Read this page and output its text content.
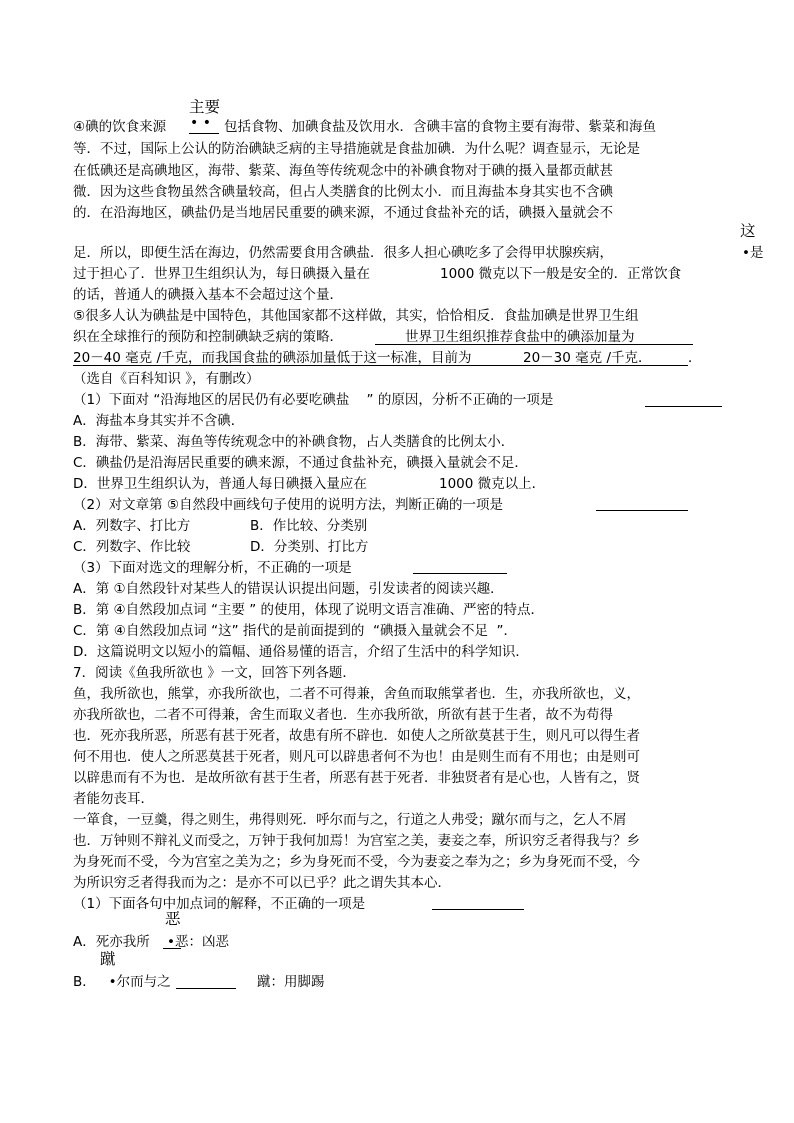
主要
④碘的饮食来源 • • 包括食物、加碘食盐及饮用水．含碘丰富的食物主要有海带、紫菜和海鱼
等．不过，国际上公认的防治碘缺乏病的主导措施就是食盐加碘．为什么呢？调查显示，无论是
在低碘还是高碘地区，海带、紫菜、海鱼等传统观念中的补碘食物对于碘的摄入量都贡献甚
微．因为这些食物虽然含碘量较高，但占人类膳食的比例太小．而且海盐本身其实也不含碘
的．在沿海地区，碘盐仍是当地居民重要的碘来源，不通过食盐补充的话，碘摄入量就会不
这
足．所以，即便生活在海边，仍然需要食用含碘盐．很多人担心碘吃多了会得甲状腺疾病，	•是
过于担心了．世界卫生组织认为，每日碘摄入量在	1000 微克以下一般是安全的．正常饮食
的话，普通人的碘摄入基本不会超过这个量．
⑤很多人认为碘盐是中国特色，其他国家都不这样做，其实，恰恰相反．食盐加碘是世界卫生组
织在全球推行的预防和控制碘缺乏病的策略．	世界卫生组织推荐食盐中的碘添加量为
20－40 毫克 /千克，而我国食盐的碘添加量低于这一标准，目前为	20－30 毫克 /千克．	．
（选自《百科知识 》，有删改）
（1）下面对 “沿海地区的居民仍有必要吃碘盐    ” 的原因，分析不正确的一项是
A．海盐本身其实并不含碘．
B．海带、紫菜、海鱼等传统观念中的补碘食物，占人类膳食的比例太小．
C．碘盐仍是沿海居民重要的碘来源，不通过食盐补充，碘摄入量就会不足．
D．世界卫生组织认为，普通人每日碘摄入量应在	1000 微克以上．
（2）对文章第 ⑤自然段中画线句子使用的说明方法，判断正确的一项是
A．列数字、打比方	B．作比较、分类别
C．列数字、作比较	D．分类别、打比方
（3）下面对选文的理解分析，不正确的一项是
A．第 ①自然段针对某些人的错误认识提出问题，引发读者的阅读兴趣．
B．第 ④自然段加点词 “主要 ” 的使用，体现了说明文语言准确、严密的特点．
C．第 ④自然段加点词 “这” 指代的是前面提到的  “碘摄入量就会不足  ”．
D．这篇说明文以短小的篇幅、通俗易懂的语言，介绍了生活中的科学知识．
7．阅读《鱼我所欲也 》一文，回答下列各题．
鱼，我所欲也，熊掌，亦我所欲也，二者不可得兼，舍鱼而取熊掌者也．生，亦我所欲也，义，
亦我所欲也，二者不可得兼，舍生而取义者也．生亦我所欲，所欲有甚于生者，故不为苟得
也．死亦我所恶，所恶有甚于死者，故患有所不辟也．如使人之所欲莫甚于生，则凡可以得生者
何不用也．使人之所恶莫甚于死者，则凡可以辟患者何不为也！由是则生而有不用也；由是则可
以辟患而有不为也．是故所欲有甚于生者，所恶有甚于死者．非独贤者有是心也，人皆有之，贤
者能勿丧耳．
一箪食，一豆羹，得之则生，弗得则死．呼尔而与之，行道之人弗受；蹴尔而与之，乞人不屑
也．万钟则不辩礼义而受之，万钟于我何加焉！为宫室之美，妻妾之奉，所识穷乏者得我与？乡
为身死而不受，今为宫室之美为之；乡为身死而不受，今为妻妾之奉为之；乡为身死而不受，今
为所识穷乏者得我而为之：是亦不可以已乎？此之谓失其本心．
（1）下面各句中加点词的解释，不正确的一项是
恶
A．死亦我所 •恶：凶恶
蹴
B．   •尔而与之	蹴：用脚踢
